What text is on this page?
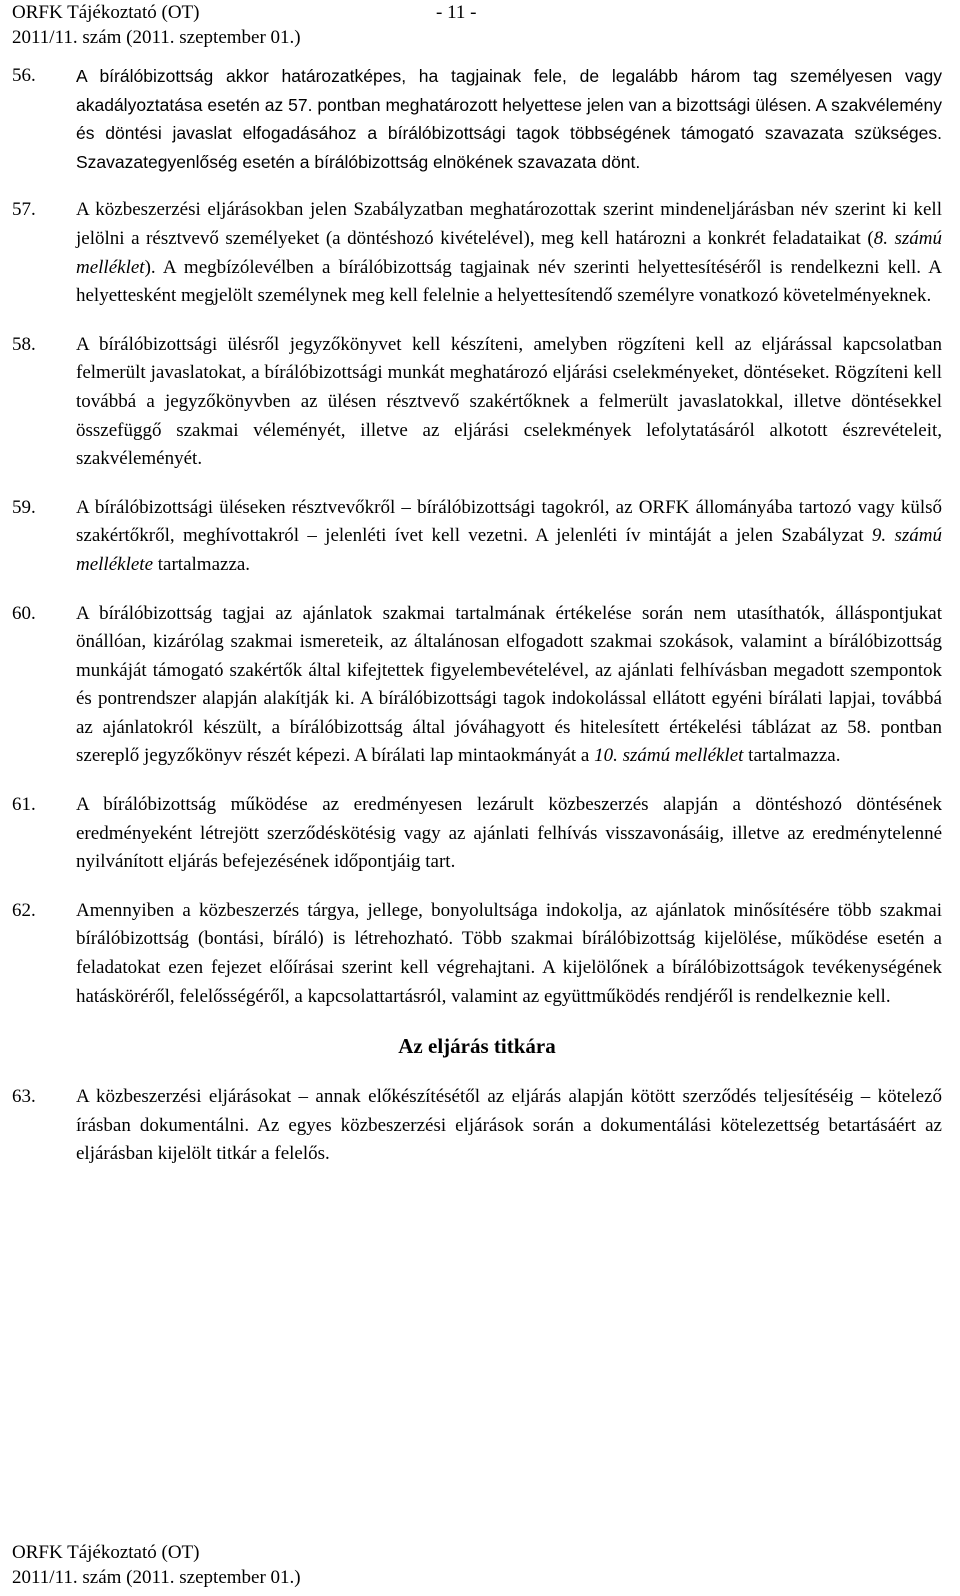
ORFK Tájékoztató (OT)	- 11 -
2011/11. szám (2011. szeptember 01.)
56.	A bírálóbizottság akkor határozatképes, ha tagjainak fele, de legalább három tag személyesen vagy akadályoztatása esetén az 57. pontban meghatározott helyettese jelen van a bizottsági ülésen. A szakvélemény és döntési javaslat elfogadásához a bírálóbizottsági tagok többségének támogató szavazata szükséges. Szavazategyenlőség esetén a bírálóbizottság elnökének szavazata dönt.
57.	A közbeszerzési eljárásokban jelen Szabályzatban meghatározottak szerint mindeneljárásban név szerint ki kell jelölni a résztvevő személyeket (a döntéshozó kivételével), meg kell határozni a konkrét feladataikat (8. számú melléklet). A megbízólevélben a bírálóbizottság tagjainak név szerinti helyettesítéséről is rendelkezni kell. A helyettesként megjelölt személynek meg kell felelnie a helyettesítendő személyre vonatkozó követelményeknek.
58.	A bírálóbizottsági ülésről jegyzőkönyvet kell készíteni, amelyben rögzíteni kell az eljárással kapcsolatban felmerült javaslatokat, a bírálóbizottsági munkát meghatározó eljárási cselekményeket, döntéseket. Rögzíteni kell továbbá a jegyzőkönyvben az ülésen résztvevő szakértőknek a felmerült javaslatokkal, illetve döntésekkel összefüggő szakmai véleményét, illetve az eljárási cselekmények lefolytatásáról alkotott észrevételeit, szakvéleményét.
59.	A bírálóbizottsági üléseken résztvevőkről – bírálóbizottsági tagokról, az ORFK állományába tartozó vagy külső szakértőkről, meghívottakról – jelenléti ívet kell vezetni. A jelenléti ív mintáját a jelen Szabályzat 9. számú melléklete tartalmazza.
60.	A bírálóbizottság tagjai az ajánlatok szakmai tartalmának értékelése során nem utasíthatók, álláspontjukat önállóan, kizárólag szakmai ismereteik, az általánosan elfogadott szakmai szokások, valamint a bírálóbizottság munkáját támogató szakértők által kifejtettek figyelembevételével, az ajánlati felhívásban megadott szempontok és pontrendszer alapján alakítják ki. A bírálóbizottsági tagok indokolással ellátott egyéni bírálati lapjai, továbbá az ajánlatokról készült, a bírálóbizottság által jóváhagyott és hitelesített értékelési táblázat az 58. pontban szereplő jegyzőkönyv részét képezi. A bírálati lap mintaokmányát a 10. számú melléklet tartalmazza.
61.	A bírálóbizottság működése az eredményesen lezárult közbeszerzés alapján a döntéshozó döntésének eredményeként létrejött szerződéskötésig vagy az ajánlati felhívás visszavonásáig, illetve az eredménytelenné nyilvánított eljárás befejezésének időpontjáig tart.
62.	Amennyiben a közbeszerzés tárgya, jellege, bonyolultsága indokolja, az ajánlatok minősítésére több szakmai bírálóbizottság (bontási, bíráló) is létrehozható. Több szakmai bírálóbizottság kijelölése, működése esetén a feladatokat ezen fejezet előírásai szerint kell végrehajtani. A kijelölőnek a bírálóbizottságok tevékenységének hatásköréről, felelősségéről, a kapcsolattartásról, valamint az együttműködés rendjéről is rendelkeznie kell.
Az eljárás titkára
63.	A közbeszerzési eljárásokat – annak előkészítésétől az eljárás alapján kötött szerződés teljesítéséig – kötelező írásban dokumentálni. Az egyes közbeszerzési eljárások során a dokumentálási kötelezettség betartásáért az eljárásban kijelölt titkár a felelős.
ORFK Tájékoztató (OT)
2011/11. szám (2011. szeptember 01.)
